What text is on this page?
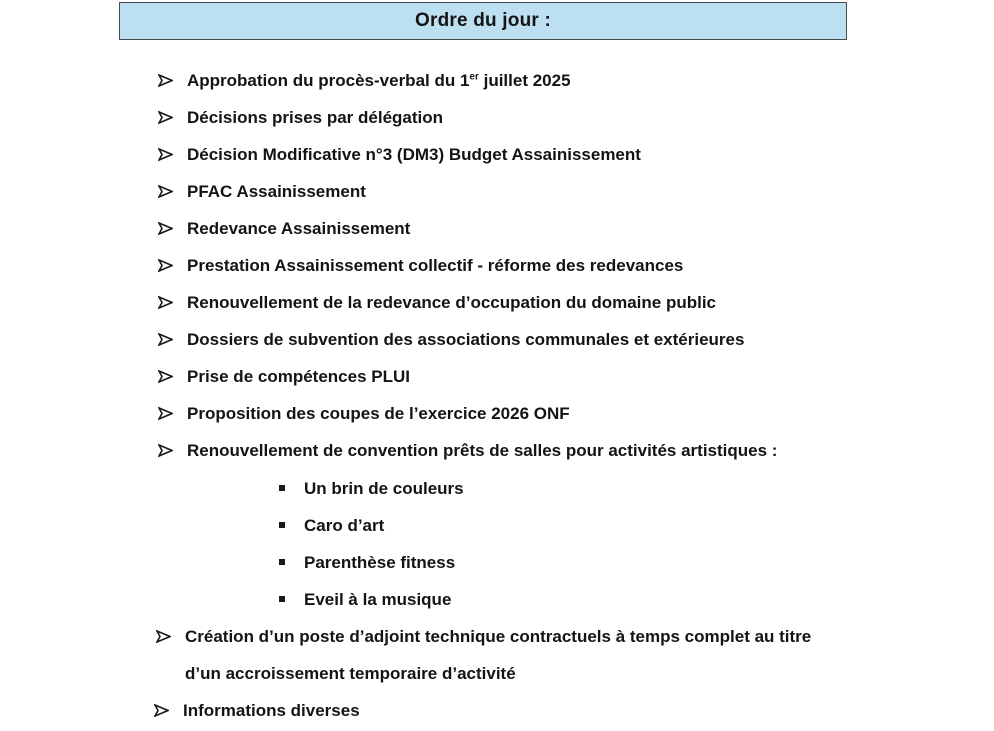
Ordre du jour :
Approbation du procès-verbal du 1er juillet 2025
Décisions prises par délégation
Décision Modificative n°3 (DM3) Budget Assainissement
PFAC Assainissement
Redevance Assainissement
Prestation Assainissement collectif - réforme des redevances
Renouvellement de la redevance d’occupation du domaine public
Dossiers de subvention des associations communales et extérieures
Prise de compétences PLUI
Proposition des coupes de l’exercice 2026 ONF
Renouvellement de convention prêts de salles pour activités artistiques :
Un brin de couleurs
Caro d’art
Parenthèse fitness
Eveil à la musique
Création d’un poste d’adjoint technique contractuels à temps complet au titre
d’un accroissement temporaire d’activité
Informations diverses
